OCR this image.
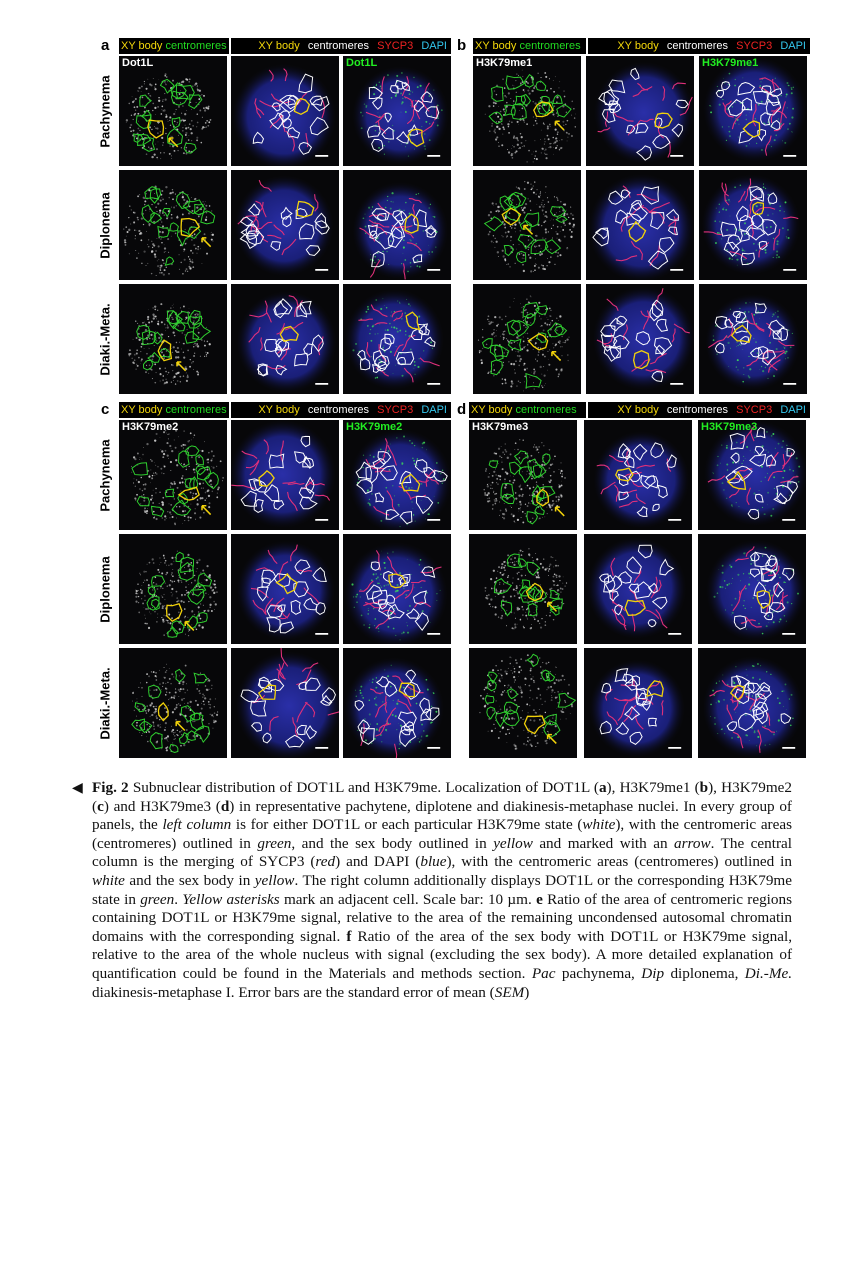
a XY body centromeres	XY body centromeres SYCP3 DAPI
Pachynema
Diplonema
Diaki.-Meta.
b XY body centromeres	XY body centromeres SYCP3 DAPI
c XY body centromeres	XY body centromeres SYCP3 DAPI
Pachynema
Diplonema
Diaki.-Meta.
d XY body centromeres	XY body centromeres SYCP3 DAPI
Dot1L	Dot1L	H3K79me1	H3K79me1
H3K79me2	H3K79me2	H3K79me3	H3K79me3
◀ Fig. 2 Subnuclear distribution of DOT1L and H3K79me. Localization of DOT1L (a), H3K79me1 (b), H3K79me2 (c) and H3K79me3 (d) in representative pachytene, diplotene and diakinesis-metaphase nuclei. In every group of panels, the left column is for either DOT1L or each particular H3K79me state (white), with the centromeric areas (centromeres) outlined in green, and the sex body outlined in yellow and marked with an arrow. The central column is the merging of SYCP3 (red) and DAPI (blue), with the centromeric areas (centromeres) outlined in white and the sex body in yellow. The right column additionally displays DOT1L or the corresponding H3K79me state in green. Yellow asterisks mark an adjacent cell. Scale bar: 10 µm. e Ratio of the area of centromeric regions containing DOT1L or H3K79me signal, relative to the area of the remaining uncondensed autosomal chromatin domains with the corresponding signal. f Ratio of the area of the sex body with DOT1L or H3K79me signal, relative to the area of the whole nucleus with signal (excluding the sex body). A more detailed explanation of quantification could be found in the Materials and methods section. Pac pachynema, Dip diplonema, Di.-Me. diakinesis-metaphase I. Error bars are the standard error of mean (SEM)
